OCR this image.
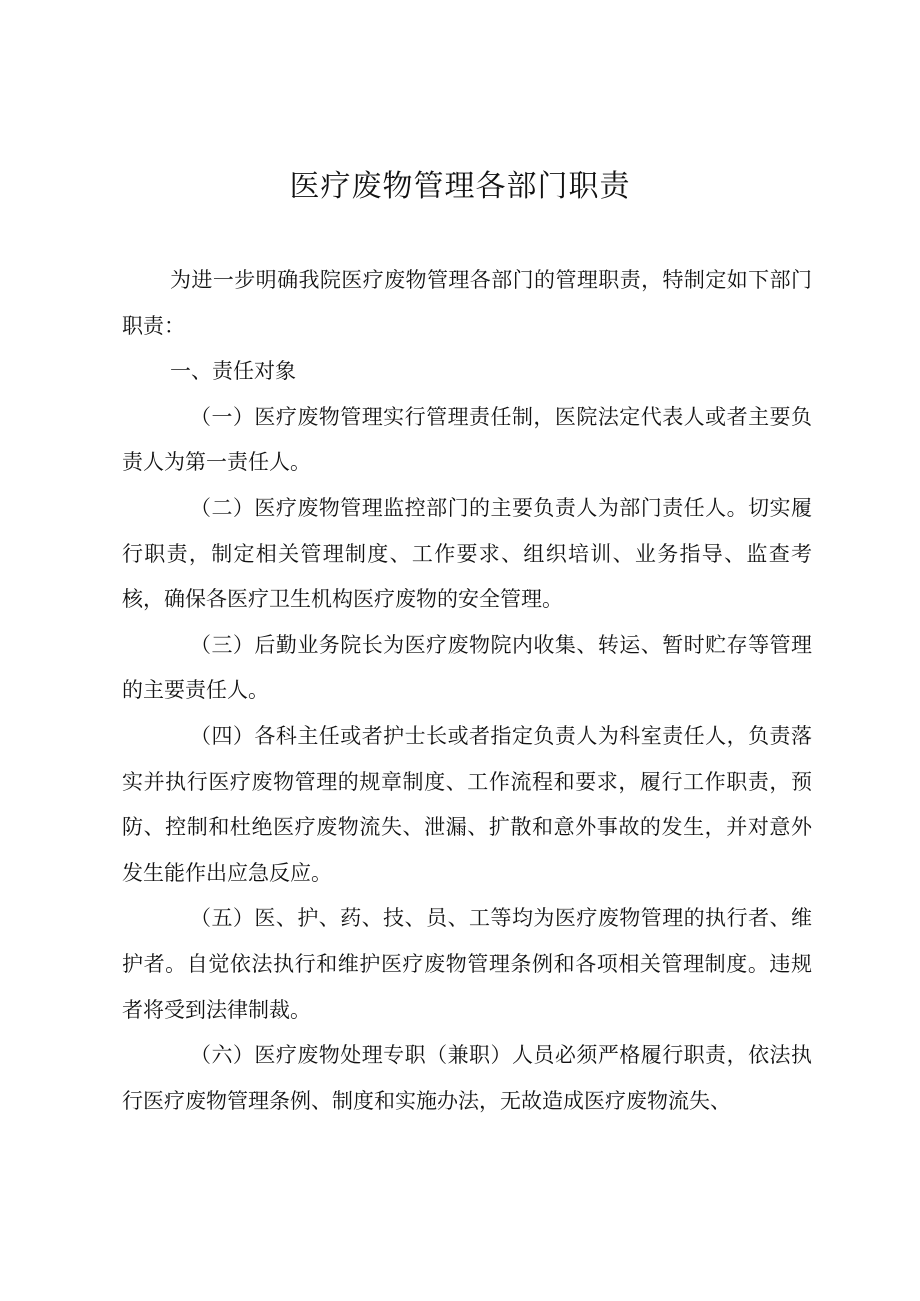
医疗废物管理各部门职责

为进一步明确我院医疗废物管理各部门的管理职责，特制定如下部门职责：

一、责任对象

（一）医疗废物管理实行管理责任制，医院法定代表人或者主要负责人为第一责任人。

（二）医疗废物管理监控部门的主要负责人为部门责任人。切实履行职责，制定相关管理制度、工作要求、组织培训、业务指导、监查考核，确保各医疗卫生机构医疗废物的安全管理。

（三）后勤业务院长为医疗废物院内收集、转运、暂时贮存等管理的主要责任人。

（四）各科主任或者护士长或者指定负责人为科室责任人，负责落实并执行医疗废物管理的规章制度、工作流程和要求，履行工作职责，预防、控制和杜绝医疗废物流失、泄漏、扩散和意外事故的发生，并对意外发生能作出应急反应。

（五）医、护、药、技、员、工等均为医疗废物管理的执行者、维护者。自觉依法执行和维护医疗废物管理条例和各项相关管理制度。违规者将受到法律制裁。

（六）医疗废物处理专职（兼职）人员必须严格履行职责，依法执行医疗废物管理条例、制度和实施办法，无故造成医疗废物流失、
